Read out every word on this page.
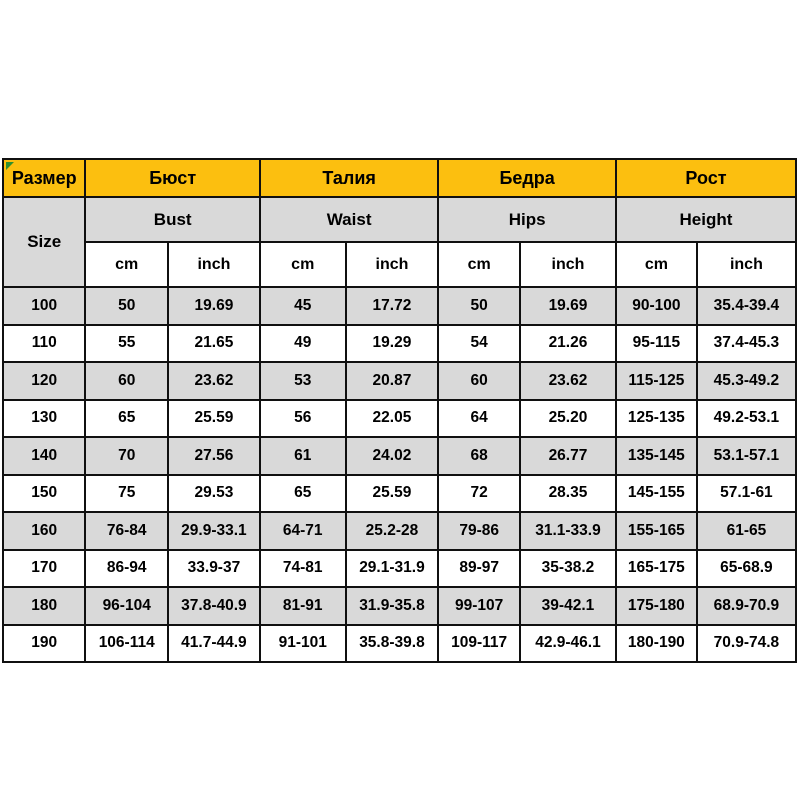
Размер	Бюст		Талия		Бедра		Рост	
Size	Bust		Waist		Hips		Height	
	cm	inch	cm	inch	cm	inch	cm	inch
100	50	19.69	45	17.72	50	19.69	90-100	35.4-39.4
110	55	21.65	49	19.29	54	21.26	95-115	37.4-45.3
120	60	23.62	53	20.87	60	23.62	115-125	45.3-49.2
130	65	25.59	56	22.05	64	25.20	125-135	49.2-53.1
140	70	27.56	61	24.02	68	26.77	135-145	53.1-57.1
150	75	29.53	65	25.59	72	28.35	145-155	57.1-61
160	76-84	29.9-33.1	64-71	25.2-28	79-86	31.1-33.9	155-165	61-65
170	86-94	33.9-37	74-81	29.1-31.9	89-97	35-38.2	165-175	65-68.9
180	96-104	37.8-40.9	81-91	31.9-35.8	99-107	39-42.1	175-180	68.9-70.9
190	106-114	41.7-44.9	91-101	35.8-39.8	109-117	42.9-46.1	180-190	70.9-74.8
